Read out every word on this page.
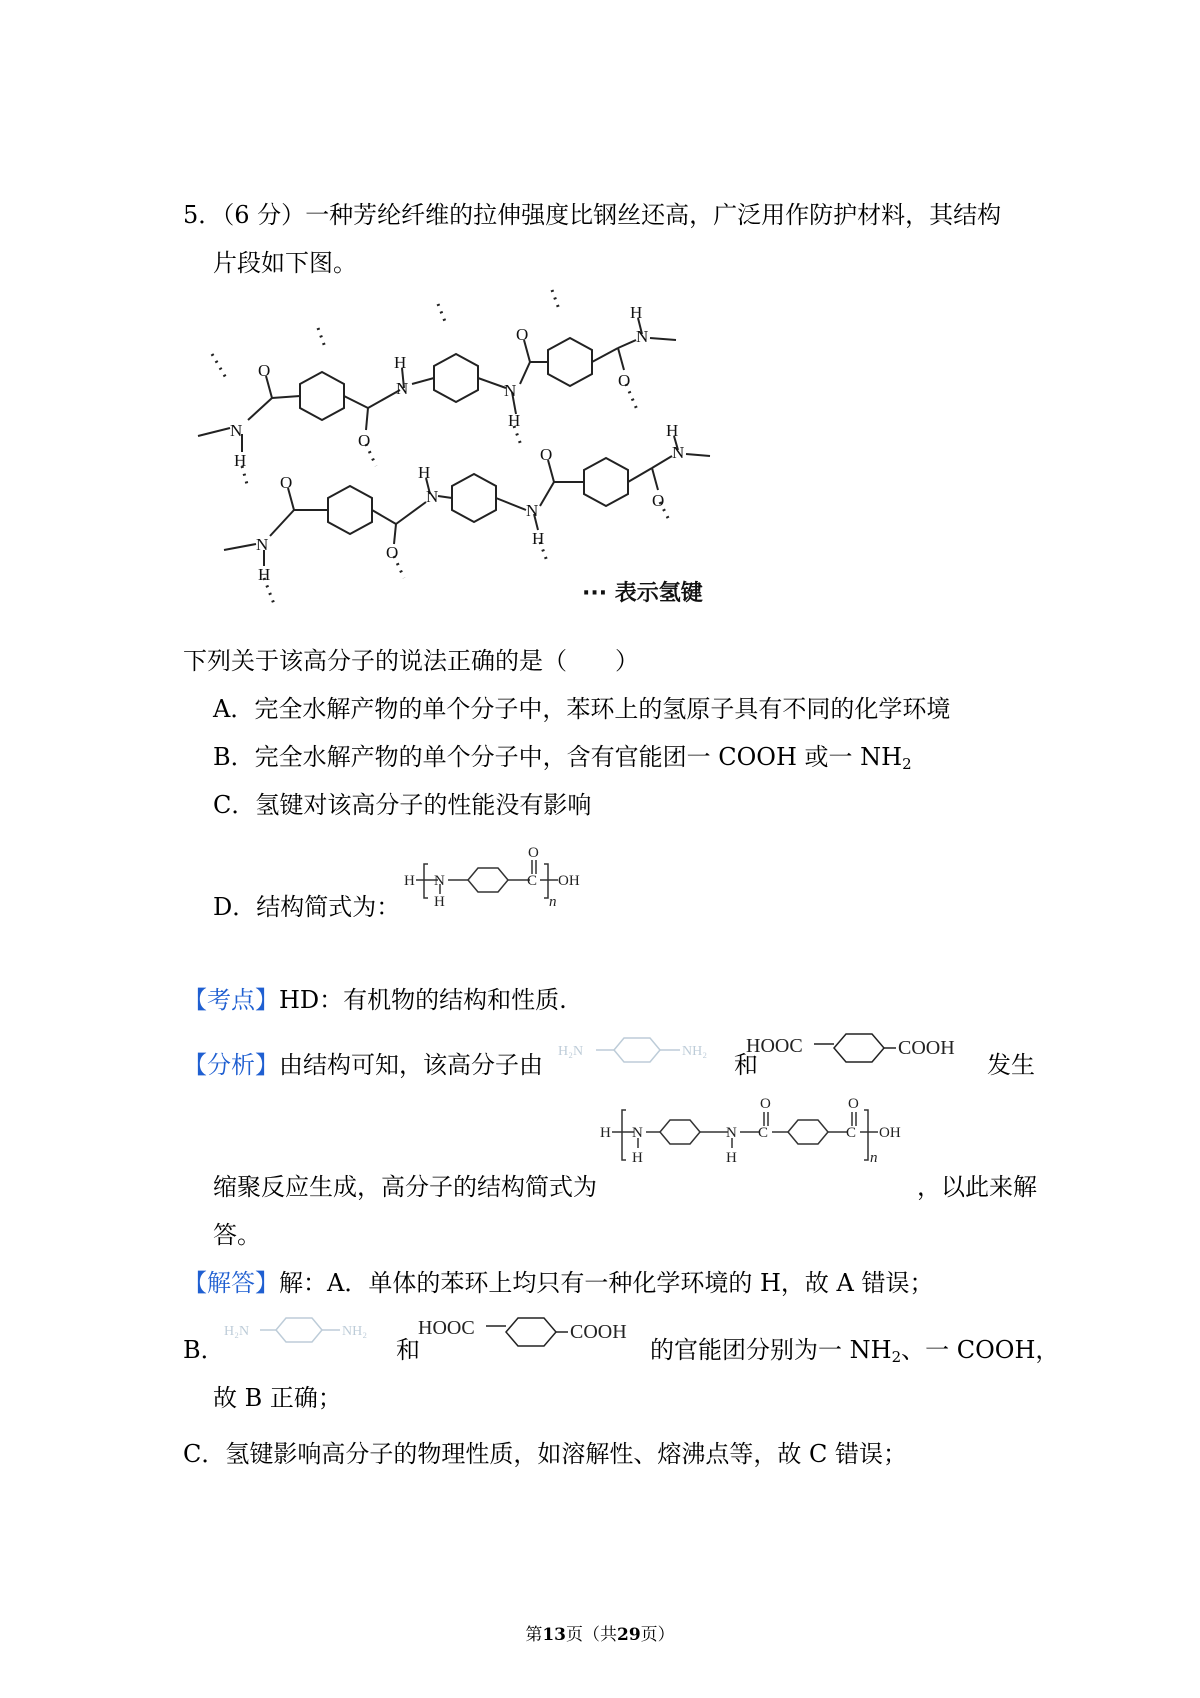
5．（6 分）一种芳纶纤维的拉伸强度比钢丝还高，广泛用作防护材料，其结构
片段如下图。
N
H
O
O
N
H
N
H
O
O
N
H
N
H
O
O
N
H
N
H
O
O
N
H
··· 表示氢键
下列关于该高分子的说法正确的是（　　）
A．完全水解产物的单个分子中，苯环上的氢原子具有不同的化学环境
B．完全水解产物的单个分子中，含有官能团一 COOH 或一 $NH_2$
C．氢键对该高分子的性能没有影响
D．结构简式为：
H N
H
C
O
OH
n
【考点】HD：有机物的结构和性质.
【分析】由结构可知，该高分子由 H₂N	NH₂ 和
HOOC	COOH
发生
H N
H
N
H
C
O
C
O
OH
n
缩聚反应生成，高分子的结构简式为	，以此来解
答。
【解答】解：A．单体的苯环上均只有一种化学环境的 H，故 A 错误；
B．
H₂N	NH₂
和
HOOC	COOH
的官能团分别为一 $NH_2$、一 COOH，
故 B 正确；
C．氢键影响高分子的物理性质，如溶解性、熔沸点等，故 C 错误；
第13页（共29页）
